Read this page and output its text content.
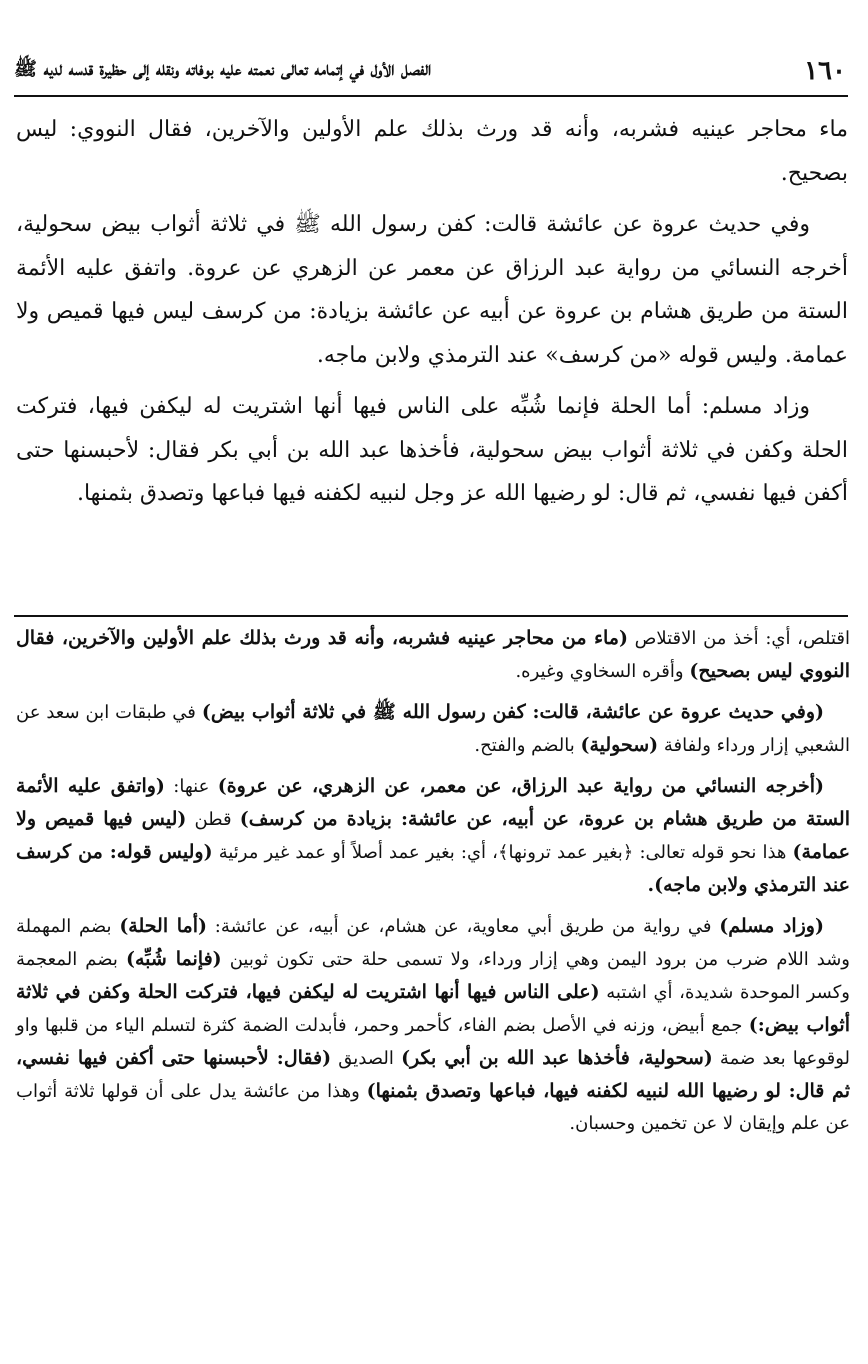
١٦٠
الفصل الأول في إتمامه تعالى نعمته عليه بوفاته ونقله إلى حظيرة قدسه لديه ﷺ

ماء محاجر عينيه فشربه، وأنه قد ورث بذلك علم الأولين والآخرين، فقال النووي: ليس بصحيح.

وفي حديث عروة عن عائشة قالت: كفن رسول الله ﷺ في ثلاثة أثواب بيض سحولية، أخرجه النسائي من رواية عبد الرزاق عن معمر عن الزهري عن عروة. واتفق عليه الأئمة الستة من طريق هشام بن عروة عن أبيه عن عائشة بزيادة: من كرسف ليس فيها قميص ولا عمامة. وليس قوله «من كرسف» عند الترمذي ولابن ماجه.

وزاد مسلم: أما الحلة فإنما شُبِّه على الناس فيها أنها اشتريت له ليكفن فيها، فتركت الحلة وكفن في ثلاثة أثواب بيض سحولية، فأخذها عبد الله بن أبي بكر فقال: لأحبسنها حتى أكفن فيها نفسي، ثم قال: لو رضيها الله عز وجل لنبيه لكفنه فيها فباعها وتصدق بثمنها.

اقتلص، أي: أخذ من الاقتلاص (ماء من محاجر عينيه فشربه، وأنه قد ورث بذلك علم الأولين والآخرين، فقال النووي ليس بصحيح) وأقره السخاوي وغيره.

(وفي حديث عروة عن عائشة، قالت: كفن رسول الله ﷺ في ثلاثة أثواب بيض) في طبقات ابن سعد عن الشعبي إزار ورداء ولفافة (سحولية) بالضم والفتح.

(أخرجه النسائي من رواية عبد الرزاق، عن معمر، عن الزهري، عن عروة) عنها: (واتفق عليه الأئمة الستة من طريق هشام بن عروة، عن أبيه، عن عائشة: بزيادة من كرسف) قطن (ليس فيها قميص ولا عمامة) هذا نحو قوله تعالى: ﴿بغير عمد ترونها﴾، أي: بغير عمد أصلاً أو عمد غير مرئية (وليس قوله: من كرسف عند الترمذي ولابن ماجه).

(وزاد مسلم) في رواية من طريق أبي معاوية، عن هشام، عن أبيه، عن عائشة: (أما الحلة) بضم المهملة وشد اللام ضرب من برود اليمن وهي إزار ورداء، ولا تسمى حلة حتى تكون ثوبين (فإنما شُبِّه) بضم المعجمة وكسر الموحدة شديدة، أي اشتبه (على الناس فيها أنها اشتريت له ليكفن فيها، فتركت الحلة وكفن في ثلاثة أثواب بيض:) جمع أبيض، وزنه في الأصل بضم الفاء، كأحمر وحمر، فأبدلت الضمة كثرة لتسلم الياء من قلبها واو لوقوعها بعد ضمة (سحولية، فأخذها عبد الله بن أبي بكر) الصديق (فقال: لأحبسنها حتى أكفن فيها نفسي، ثم قال: لو رضيها الله لنبيه لكفنه فيها، فباعها وتصدق بثمنها) وهذا من عائشة يدل على أن قولها ثلاثة أثواب عن علم وإيقان لا عن تخمين وحسبان.
